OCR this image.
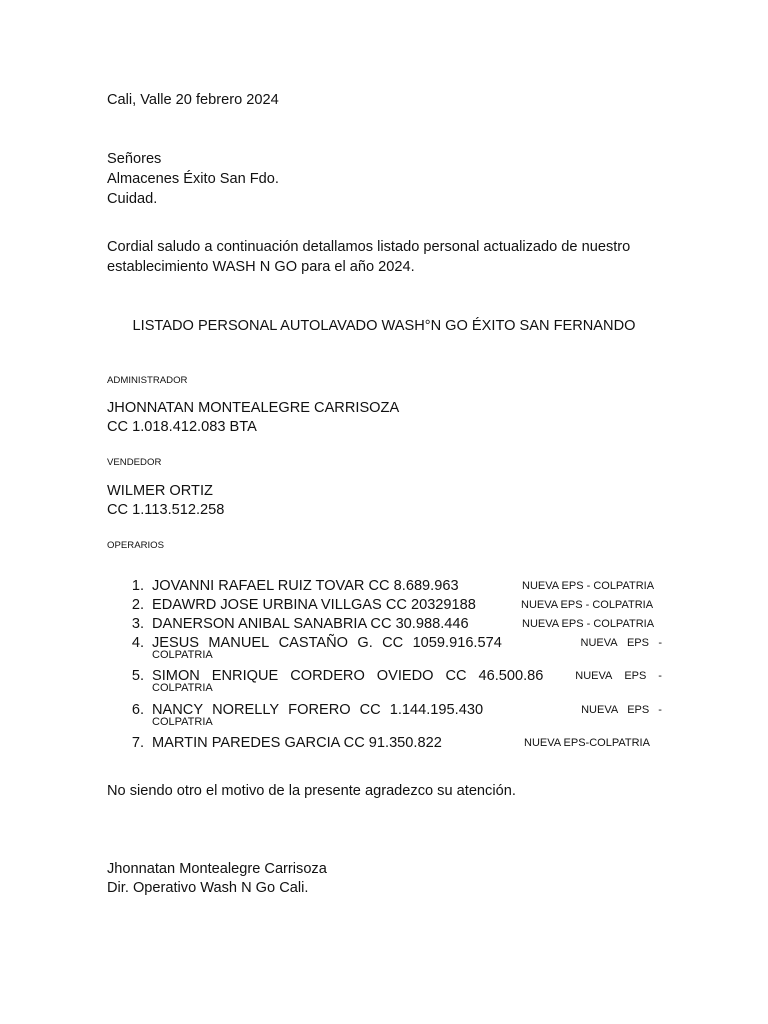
Cali, Valle 20 febrero 2024
Señores
Almacenes Éxito San Fdo.
Cuidad.
Cordial saludo a continuación detallamos listado personal actualizado de nuestro
establecimiento WASH N GO para el año 2024.
LISTADO PERSONAL AUTOLAVADO WASH°N GO ÉXITO SAN FERNANDO
ADMINISTRADOR
JHONNATAN MONTEALEGRE CARRISOZA
CC 1.018.412.083 BTA
VENDEDOR
WILMER ORTIZ
CC 1.113.512.258
OPERARIOS
1. JOVANNI RAFAEL RUIZ TOVAR CC 8.689.963	NUEVA EPS - COLPATRIA
2. EDAWRD JOSE URBINA VILLGAS CC 20329188	NUEVA EPS - COLPATRIA
3. DANERSON ANIBAL SANABRIA CC 30.988.446	NUEVA EPS - COLPATRIA
4. JESUS MANUEL CASTAÑO G. CC 1059.916.574	NUEVA EPS -
COLPATRIA
5. SIMON ENRIQUE CORDERO OVIEDO CC 46.500.86	NUEVA EPS -
COLPATRIA
6. NANCY NORELLY FORERO CC 1.144.195.430	NUEVA EPS -
COLPATRIA
7. MARTIN PAREDES GARCIA CC 91.350.822	NUEVA EPS-COLPATRIA
No siendo otro el motivo de la presente agradezco su atención.
Jhonnatan Montealegre Carrisoza
Dir. Operativo Wash N Go Cali.
